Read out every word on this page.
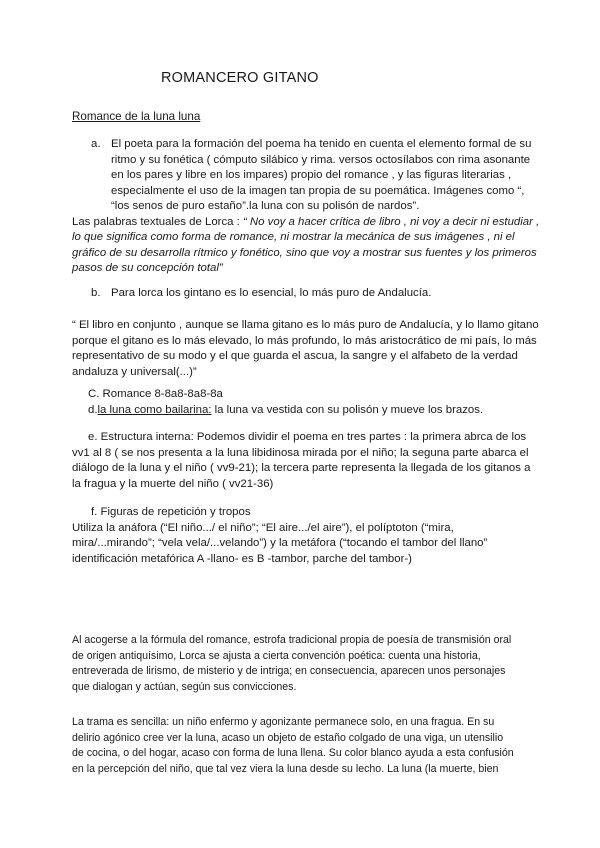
ROMANCERO GITANO
Romance de la luna luna
a. El poeta para la formación del poema ha tenido en cuenta el elemento formal de su
ritmo y su fonética ( cómputo silábico y rima. versos octosílabos con rima asonante
en los pares y libre en los impares) propio del romance , y las figuras literarias ,
especialmente el uso de la imagen tan propia de su poemática. Imágenes como “,
“los senos de puro estaño”.la luna con su polisón de nardos”.
Las palabras textuales de Lorca : “ No voy a hacer crítica de libro , ni voy a decir ni estudiar ,
lo que significa como forma de romance, ni mostrar la mecánica de sus imágenes , ni el
gráfico de su desarrolla rítmico y fonético, sino que voy a mostrar sus fuentes y los primeros
pasos de su concepción total”
b. Para lorca los gintano es lo esencial, lo más puro de Andalucía.
“ El libro en conjunto , aunque se llama gitano es lo más puro de Andalucía, y lo llamo gitano
porque el gitano es lo más elevado, lo más profundo, lo más aristocrático de mi país, lo más
representativo de su modo y el que guarda el ascua, la sangre y el alfabeto de la verdad
andaluza y universal(...)”
C. Romance 8-8a8-8a8-8a
d.la luna como bailarina: la luna va vestida con su polisón y mueve los brazos.
e. Estructura interna: Podemos dividir el poema en tres partes : la primera abrca de los
vv1 al 8 ( se nos presenta a la luna libidinosa mirada por el niño; la seguna parte abarca el
diálogo de la luna y el niño ( vv9-21); la tercera parte representa la llegada de los gitanos a
la fragua y la muerte del niño ( vv21-36)
f. Figuras de repetición y tropos
Utiliza la anáfora (“El niño.../ el niño”; “El aire.../el aire”), el políptoton (“mira,
mira/...mirando”; “vela vela/...velando”) y la metáfora (“tocando el tambor del llano”
identificación metafórica A -llano- es B -tambor, parche del tambor-)
Al acogerse a la fórmula del romance, estrofa tradicional propia de poesía de transmisión oral
de origen antiquísimo, Lorca se ajusta a cierta convención poética: cuenta una historia,
entreverada de lirismo, de misterio y de intriga; en consecuencia, aparecen unos personajes
que dialogan y actúan, según sus convicciones.
La trama es sencilla: un niño enfermo y agonizante permanece solo, en una fragua. En su
delirio agónico cree ver la luna, acaso un objeto de estaño colgado de una viga, un utensilio
de cocina, o del hogar, acaso con forma de luna llena. Su color blanco ayuda a esta confusión
en la percepción del niño, que tal vez viera la luna desde su lecho. La luna (la muerte, bien
